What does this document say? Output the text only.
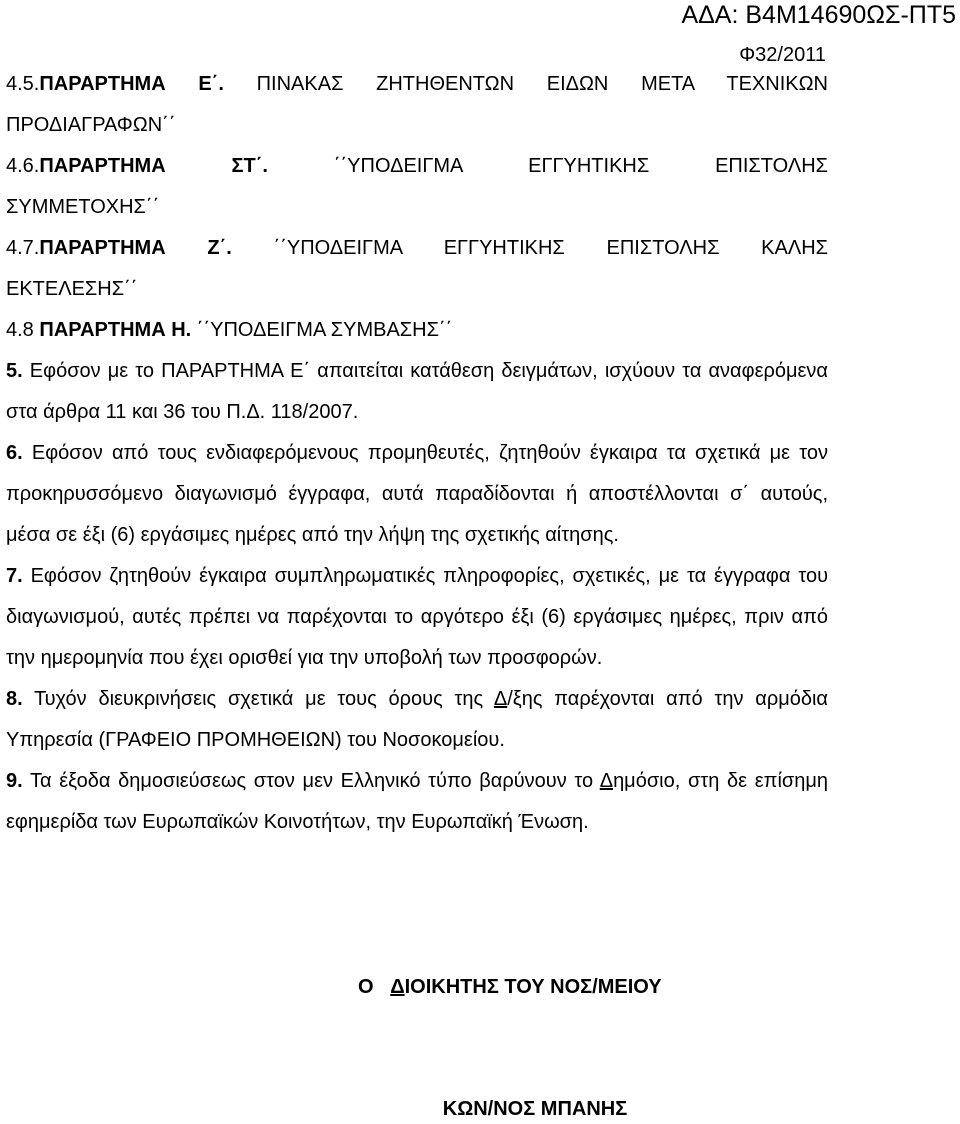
ΑΔΑ: Β4Μ14690ΩΣ-ΠΤ5
Φ32/2011

4.5.ΠΑΡΑΡΤΗΜΑ Ε΄. ΠΙΝΑΚΑΣ ΖΗΤΗΘΕΝΤΩΝ ΕΙΔΩΝ ΜΕΤΑ ΤΕΧΝΙΚΩΝ

ΠΡΟΔΙΑΓΡΑΦΩΝ΄΄

4.6.ΠΑΡΑΡΤΗΜΑ ΣΤ΄.	΄΄ΥΠΟΔΕΙΓΜΑ ΕΓΓΥΗΤΙΚΗΣ ΕΠΙΣΤΟΛΗΣ

ΣΥΜΜΕΤΟΧΗΣ΄΄

4.7.ΠΑΡΑΡΤΗΜΑ Ζ΄. ΄΄ΥΠΟΔΕΙΓΜΑ ΕΓΓΥΗΤΙΚΗΣ ΕΠΙΣΤΟΛΗΣ ΚΑΛΗΣ

ΕΚΤΕΛΕΣΗΣ΄΄

4.8 ΠΑΡΑΡΤΗΜΑ Η. ΄΄ΥΠΟΔΕΙΓΜΑ ΣΥΜΒΑΣΗΣ΄΄

5. Εφόσον με το ΠΑΡΑΡΤΗΜΑ Ε΄ απαιτείται κατάθεση δειγμάτων, ισχύουν τα αναφερόμενα στα άρθρα 11 και 36 του Π.Δ. 118/2007.

6. Εφόσον από τους ενδιαφερόμενους προμηθευτές, ζητηθούν έγκαιρα τα σχετικά με τον προκηρυσσόμενο διαγωνισμό έγγραφα, αυτά παραδίδονται ή αποστέλλονται σ΄ αυτούς, μέσα σε έξι (6) εργάσιμες ημέρες από την λήψη της σχετικής αίτησης.

7. Εφόσον ζητηθούν έγκαιρα συμπληρωματικές πληροφορίες, σχετικές, με τα έγγραφα του διαγωνισμού, αυτές πρέπει να παρέχονται το αργότερο έξι (6) εργάσιμες ημέρες, πριν από την ημερομηνία που έχει ορισθεί για την υποβολή των προσφορών.

8. Τυχόν διευκρινήσεις σχετικά με τους όρους της Δ/ξης παρέχονται από την αρμόδια Υπηρεσία (ΓΡΑΦΕΙΟ ΠΡΟΜΗΘΕΙΩΝ) του Νοσοκομείου.

9. Τα έξοδα δημοσιεύσεως στον μεν Ελληνικό τύπο βαρύνουν το Δημόσιο, στη δε επίσημη εφημερίδα των Ευρωπαϊκών Κοινοτήτων, την Ευρωπαϊκή Ένωση.

Ο ΔΙΟΙΚΗΤΗΣ ΤΟΥ ΝΟΣ/ΜΕΙΟΥ
ΚΩΝ/ΝΟΣ ΜΠΑΝΗΣ
